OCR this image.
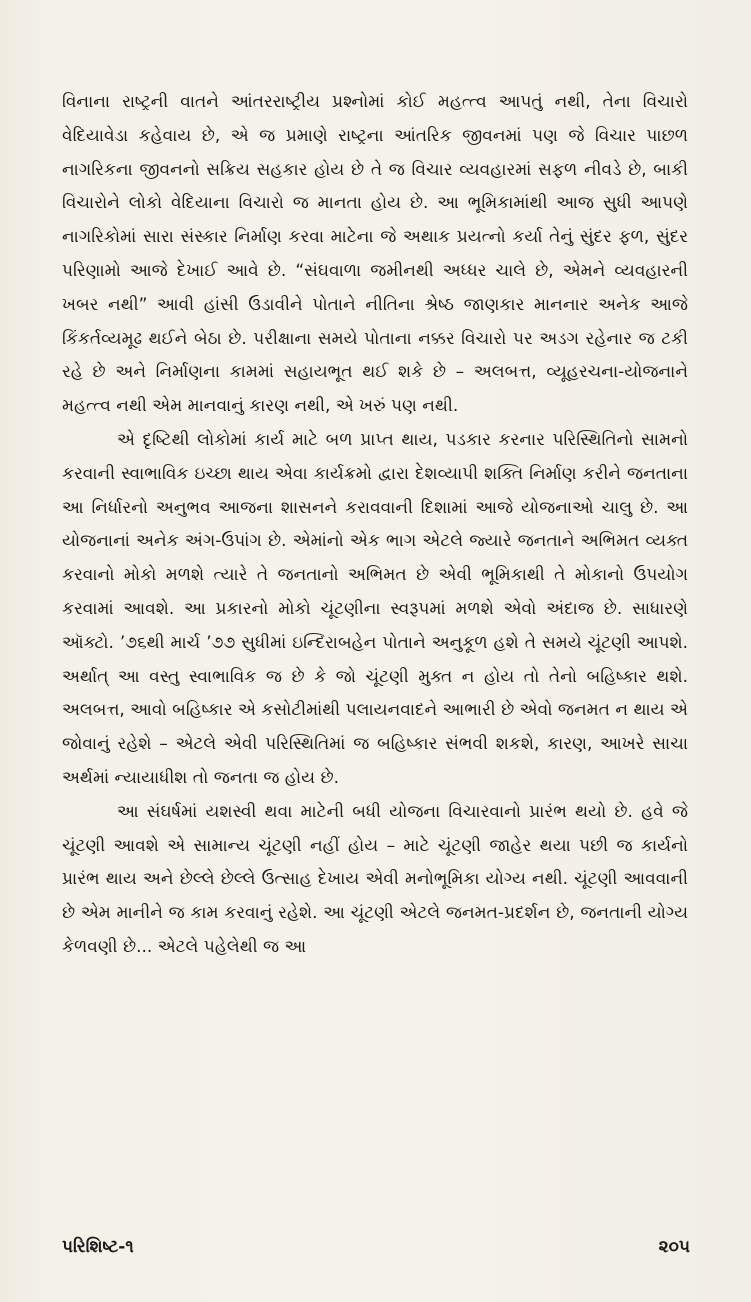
વિનાના રાષ્ટ્રની વાતને આંતરરાષ્ટ્રીય પ્રશ્નોમાં કોઈ મહત્ત્વ આપતું નથી, તેના વિચારો વેદિયાવેડા કહેવાય છે, એ જ પ્રમાણે રાષ્ટ્રના આંતરિક જીવનમાં પણ જે વિચાર પાછળ નાગરિકના જીવનનો સક્રિય સહકાર હોય છે તે જ વિચાર વ્યવહારમાં સફળ નીવડે છે, બાકી વિચારોને લોકો વેદિયાના વિચારો જ માનતા હોય છે. આ ભૂમિકામાંથી આજ સુધી આપણે નાગરિકોમાં સારા સંસ્કાર નિર્માણ કરવા માટેના જે અથાક પ્રયત્નો કર્યા તેનું સુંદર ફળ, સુંદર પરિણામો આજે દેખાઈ આવે છે. “સંઘવાળા જમીનથી અધ્ધર ચાલે છે, એમને વ્યવહારની ખબર નથી” આવી હાંસી ઉડાવીને પોતાને નીતિના શ્રેષ્ઠ જાણકાર માનનાર અનેક આજે કિંકર્તવ્યમૂઢ થઈને બેઠા છે. પરીક્ષાના સમયે પોતાના નક્કર વિચારો પર અડગ રહેનાર જ ટકી રહે છે અને નિર્માણના કામમાં સહાયભૂત થઈ શકે છે – અલબત્ત, વ્યૂહરચના-યોજનાને મહત્ત્વ નથી એમ માનવાનું કારણ નથી, એ ખરું પણ નથી.

એ દૃષ્ટિથી લોકોમાં કાર્ય માટે બળ પ્રાપ્ત થાય, પડકાર કરનાર પરિસ્થિતિનો સામનો કરવાની સ્વાભાવિક ઇચ્છા થાય એવા કાર્યક્રમો દ્વારા દેશવ્યાપી શક્તિ નિર્માણ કરીને જનતાના આ નિર્ધારનો અનુભવ આજના શાસનને કરાવવાની દિશામાં આજે યોજનાઓ ચાલુ છે. આ યોજનાનાં અનેક અંગ-ઉપાંગ છે. એમાંનો એક ભાગ એટલે જ્યારે જનતાને અભિમત વ્યક્ત કરવાનો મોકો મળશે ત્યારે તે જનતાનો અભિમત છે એવી ભૂમિકાથી તે મોકાનો ઉપયોગ કરવામાં આવશે. આ પ્રકારનો મોકો ચૂંટણીના સ્વરૂપમાં મળશે એવો અંદાજ છે. સાધારણે ઑક્ટો. ’૭૬થી માર્ચ ’૭૭ સુધીમાં ઇન્દિરાબહેન પોતાને અનુકૂળ હશે તે સમયે ચૂંટણી આપશે. અર્થાત્ આ વસ્તુ સ્વાભાવિક જ છે કે જો ચૂંટણી મુક્ત ન હોય તો તેનો બહિષ્કાર થશે. અલબત્ત, આવો બહિષ્કાર એ કસોટીમાંથી પલાયનવાદને આભારી છે એવો જનમત ન થાય એ જોવાનું રહેશે – એટલે એવી પરિસ્થિતિમાં જ બહિષ્કાર સંભવી શકશે, કારણ, આખરે સાચા અર્થમાં ન્યાયાધીશ તો જનતા જ હોય છે.

આ સંઘર્ષમાં યશસ્વી થવા માટેની બધી યોજના વિચારવાનો પ્રારંભ થયો છે. હવે જે ચૂંટણી આવશે એ સામાન્ય ચૂંટણી નહીં હોય – માટે ચૂંટણી જાહેર થયા પછી જ કાર્યનો પ્રારંભ થાય અને છેલ્લે છેલ્લે ઉત્સાહ દેખાય એવી મનોભૂમિકા યોગ્ય નથી. ચૂંટણી આવવાની છે એમ માનીને જ કામ કરવાનું રહેશે. આ ચૂંટણી એટલે જનમત-પ્રદર્શન છે, જનતાની યોગ્ય કેળવણી છે... એટલે પહેલેથી જ આ

પરિશિષ્ટ-૧	૨૦૫
